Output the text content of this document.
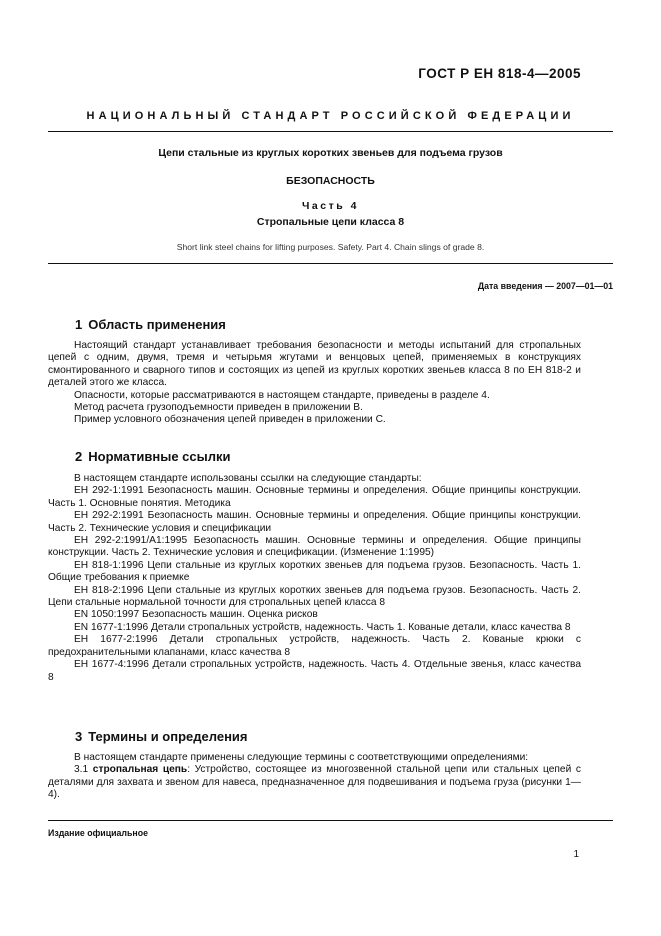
ГОСТ Р ЕН 818-4—2005
НАЦИОНАЛЬНЫЙ СТАНДАРТ РОССИЙСКОЙ ФЕДЕРАЦИИ
Цепи стальные из круглых коротких звеньев для подъема грузов
БЕЗОПАСНОСТЬ
Часть 4
Стропальные цепи класса 8
Short link steel chains for lifting purposes. Safety. Part 4. Chain slings of grade 8.
Дата введения — 2007—01—01
1 Область применения

Настоящий стандарт устанавливает требования безопасности и методы испытаний для стропальных цепей с одним, двумя, тремя и четырьмя жгутами и венцовых цепей, применяемых в конструкциях смонтированного и сварного типов и состоящих из цепей из круглых коротких звеньев класса 8 по ЕН 818-2 и деталей этого же класса.

Опасности, которые рассматриваются в настоящем стандарте, приведены в разделе 4.

Метод расчета грузоподъемности приведен в приложении В.

Пример условного обозначения цепей приведен в приложении С.

2 Нормативные ссылки

В настоящем стандарте использованы ссылки на следующие стандарты:

ЕН 292-1:1991 Безопасность машин. Основные термины и определения. Общие принципы конструкции. Часть 1. Основные понятия. Методика

ЕН 292-2:1991 Безопасность машин. Основные термины и определения. Общие принципы конструкции. Часть 2. Технические условия и спецификации

ЕН 292-2:1991/А1:1995 Безопасность машин. Основные термины и определения. Общие принципы конструкции. Часть 2. Технические условия и спецификации. (Изменение 1:1995)

ЕН 818-1:1996 Цепи стальные из круглых коротких звеньев для подъема грузов. Безопасность. Часть 1. Общие требования к приемке

ЕН 818-2:1996 Цепи стальные из круглых коротких звеньев для подъема грузов. Безопасность. Часть 2. Цепи стальные нормальной точности для стропальных цепей класса 8

EN 1050:1997 Безопасность машин. Оценка рисков

EN 1677-1:1996 Детали стропальных устройств, надежность. Часть 1. Кованые детали, класс качества 8

ЕН 1677-2:1996 Детали стропальных устройств, надежность. Часть 2. Кованые крюки с предохранительными клапанами, класс качества 8

ЕН 1677-4:1996 Детали стропальных устройств, надежность. Часть 4. Отдельные звенья, класс качества 8

3 Термины и определения

В настоящем стандарте применены следующие термины с соответствующими определениями:

3.1 стропальная цепь: Устройство, состоящее из многозвенной стальной цепи или стальных цепей с деталями для захвата и звеном для навеса, предназначенное для подвешивания и подъема груза (рисунки 1—4).

Издание официальное
1
